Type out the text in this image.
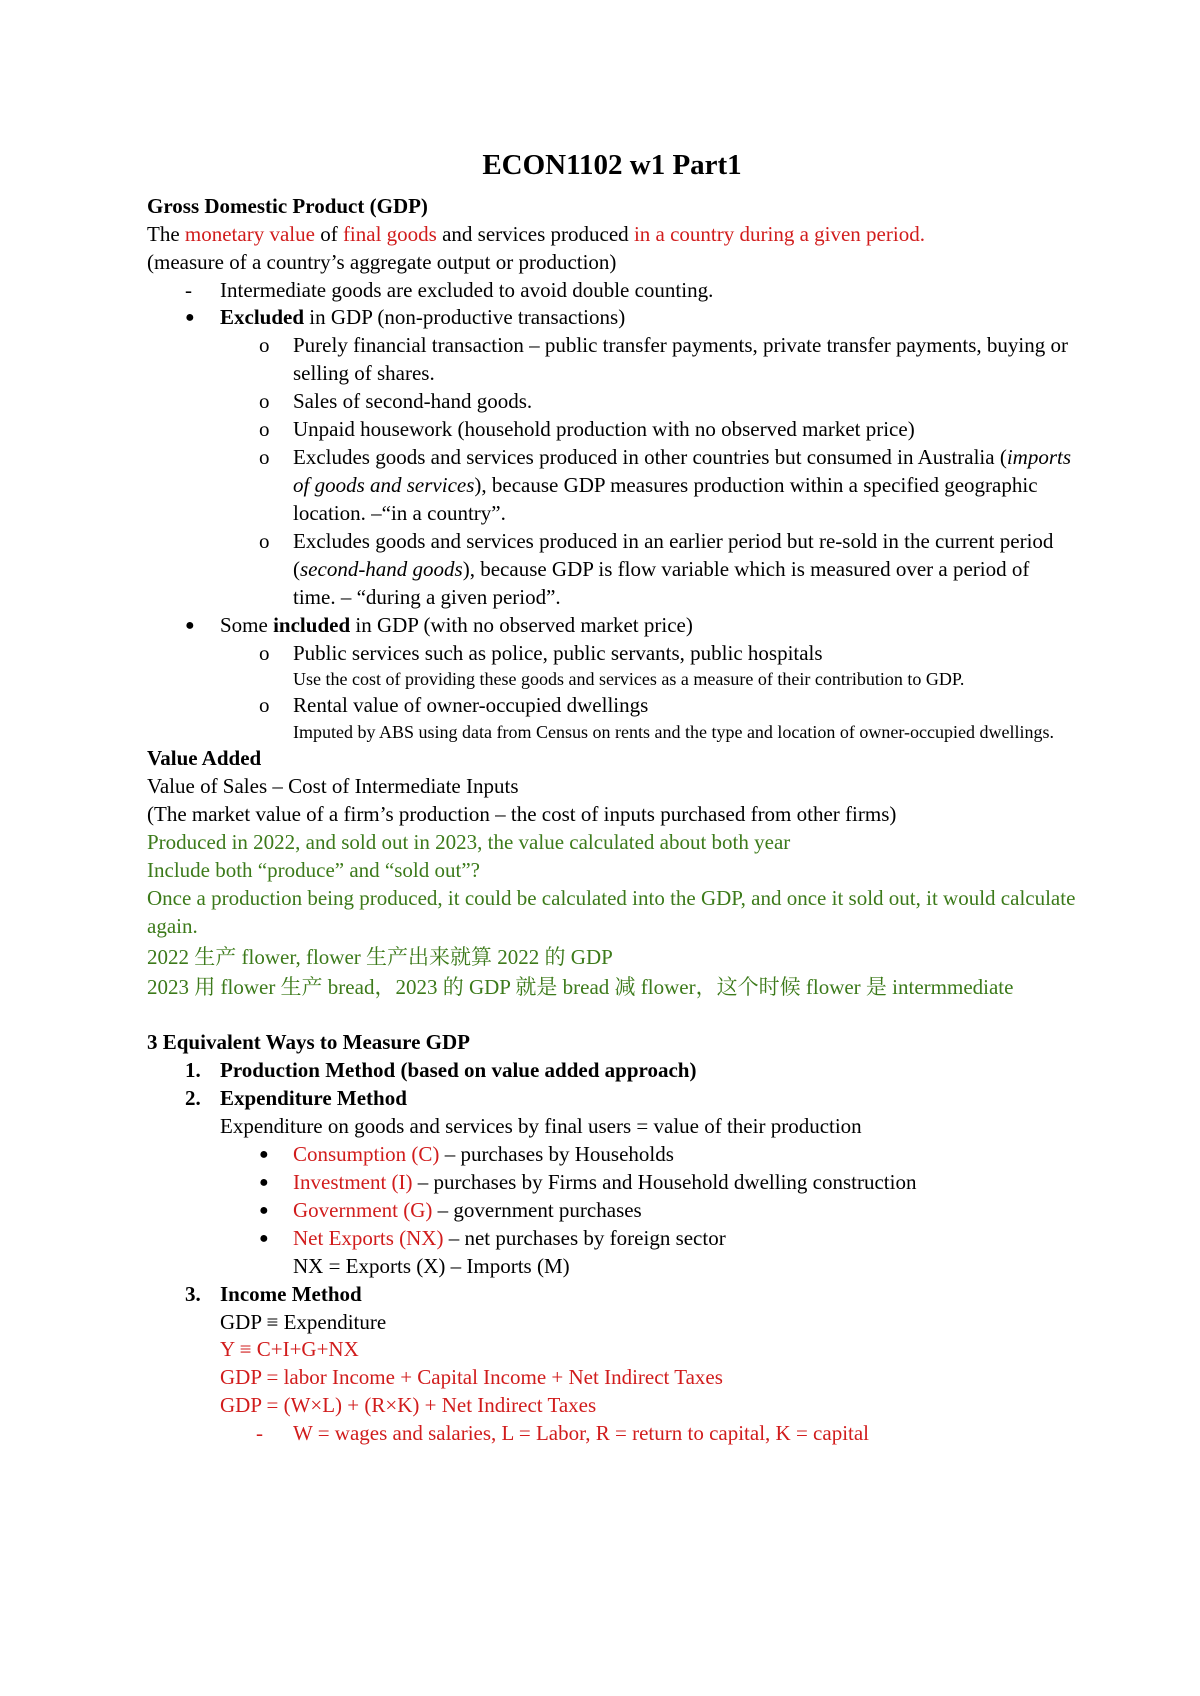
ECON1102 w1 Part1
Gross Domestic Product (GDP)
The monetary value of final goods and services produced in a country during a given period.
(measure of a country’s aggregate output or production)
- Intermediate goods are excluded to avoid double counting.
● Excluded in GDP (non-productive transactions)
o Purely financial transaction – public transfer payments, private transfer payments, buying or selling of shares.
o Sales of second-hand goods.
o Unpaid housework (household production with no observed market price)
o Excludes goods and services produced in other countries but consumed in Australia (imports of goods and services), because GDP measures production within a specified geographic location. –“in a country”.
o Excludes goods and services produced in an earlier period but re-sold in the current period (second-hand goods), because GDP is flow variable which is measured over a period of time. – “during a given period”.
● Some included in GDP (with no observed market price)
o Public services such as police, public servants, public hospitals
Use the cost of providing these goods and services as a measure of their contribution to GDP.
o Rental value of owner-occupied dwellings
Imputed by ABS using data from Census on rents and the type and location of owner-occupied dwellings.
Value Added
Value of Sales – Cost of Intermediate Inputs
(The market value of a firm’s production – the cost of inputs purchased from other firms)
Produced in 2022, and sold out in 2023, the value calculated about both year
Include both “produce” and “sold out”?
Once a production being produced, it could be calculated into the GDP, and once it sold out, it would calculate again.
2022 生产 flower, flower 生产出来就算 2022 的 GDP
2023 用 flower 生产 bread，2023 的 GDP 就是 bread 减 flower，这个时候 flower 是 intermmediate
3 Equivalent Ways to Measure GDP
1. Production Method (based on value added approach)
2. Expenditure Method
Expenditure on goods and services by final users = value of their production
● Consumption (C) – purchases by Households
● Investment (I) – purchases by Firms and Household dwelling construction
● Government (G) – government purchases
● Net Exports (NX) – net purchases by foreign sector
NX = Exports (X) – Imports (M)
3. Income Method
GDP ≡ Expenditure
Y ≡ C+I+G+NX
GDP = labor Income + Capital Income + Net Indirect Taxes
GDP = (W×L) + (R×K) + Net Indirect Taxes
- W = wages and salaries, L = Labor, R = return to capital, K = capital
